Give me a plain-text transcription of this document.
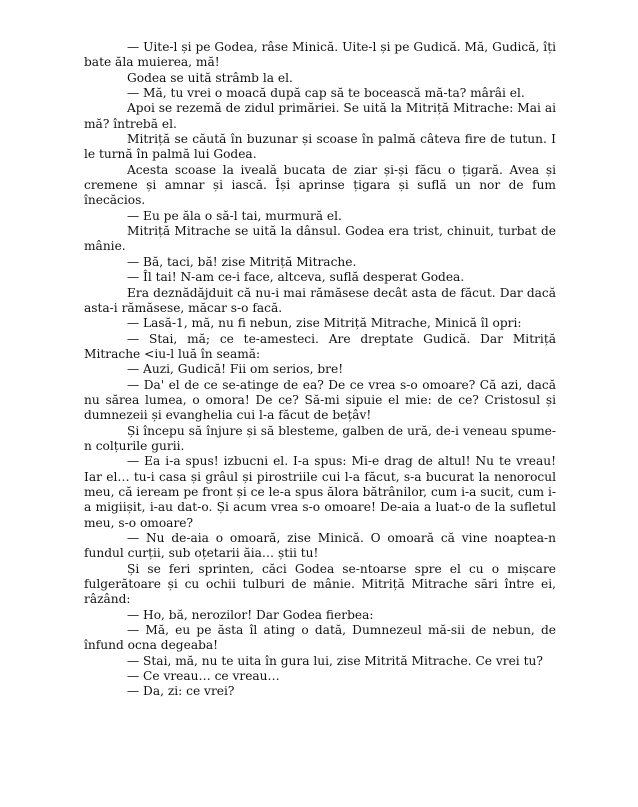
— Uite-l și pe Godea, râse Minică. Uite-l și pe Gudică. Mă, Gudică, îți bate ăla muierea, mă!

Godea se uită strâmb la el.

— Mă, tu vrei o moacă după cap să te bocească mă-ta? mârâi el.

Apoi se rezemă de zidul primăriei. Se uită la Mitriță Mitrache: Mai ai mă? întrebă el.

Mitriță se căută în buzunar și scoase în palmă câteva fire de tutun. I le turnă în palmă lui Godea.

Acesta scoase la iveală bucata de ziar și-și făcu o țigară. Avea și cremene și amnar și iască. Își aprinse țigara și suflă un nor de fum înecăcios.

— Eu pe ăla o să-l tai, murmură el.

Mitriță Mitrache se uită la dânsul. Godea era trist, chinuit, turbat de mânie.

— Bă, taci, bă! zise Mitriță Mitrache.

— Îl tai! N-am ce-i face, altceva, suflă desperat Godea.

Era deznădăjduit că nu-i mai rămăsese decât asta de făcut. Dar dacă asta-i rămăsese, măcar s-o facă.

— Lasă-1, mă, nu fi nebun, zise Mitriță Mitrache, Minică îl opri:

— Stai, mă; ce te-amesteci. Are dreptate Gudică. Dar Mitriță Mitrache <iu-l luă în seamă:

— Auzi, Gudică! Fii om serios, bre!

— Da' el de ce se-atinge de ea? De ce vrea s-o omoare? Că azi, dacă nu sărea lumea, o omora! De ce? Să-mi sipuie el mie: de ce? Cristosul și dumnezeii și evanghelia cui l-a făcut de bețâv!

Și începu să înjure și să blesteme, galben de ură, de-i veneau spume-n colțurile gurii.

— Ea i-a spus! izbucni el. I-a spus: Mi-e drag de altul! Nu te vreau! Iar el… tu-i casa și grâul și pirostriile cui l-a făcut, s-a bucurat la nenorocul meu, că ieream pe front și ce le-a spus ălora bătrânilor, cum i-a sucit, cum i-a migiișit, i-au dat-o. Și acum vrea s-o omoare! De-aia a luat-o de la sufletul meu, s-o omoare?

— Nu de-aia o omoară, zise Minică. O omoară că vine noaptea-n fundul curții, sub oțetarii ăia… știi tu!

Și se feri sprinten, căci Godea se-ntoarse spre el cu o mișcare fulgerătoare și cu ochii tulburi de mânie. Mitriță Mitrache sări între ei, râzând:

— Ho, bă, nerozilor! Dar Godea fierbea:

— Mă, eu pe ăsta îl ating o dată, Dumnezeul mă-sii de nebun, de înfund ocna degeaba!

— Stai, mă, nu te uita în gura lui, zise Mitrită Mitrache. Ce vrei tu?

— Ce vreau… ce vreau…

— Da, zi: ce vrei?
